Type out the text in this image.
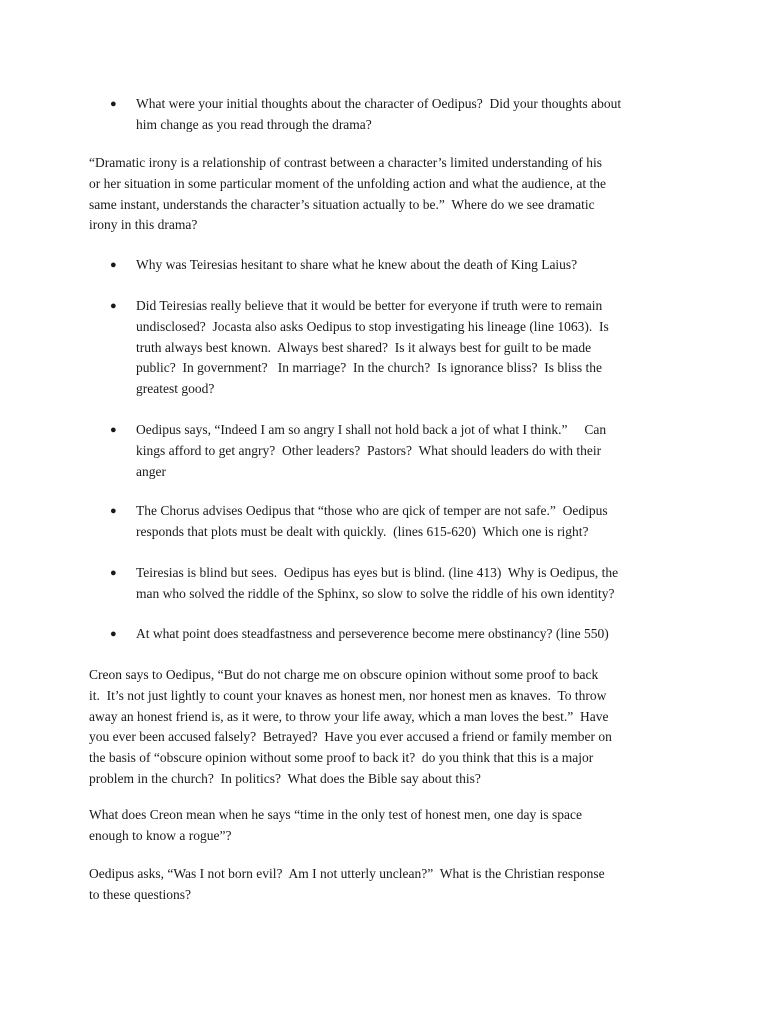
● What were your initial thoughts about the character of Oedipus?  Did your thoughts about
him change as you read through the drama?
“Dramatic irony is a relationship of contrast between a character’s limited understanding of his
or her situation in some particular moment of the unfolding action and what the audience, at the
same instant, understands the character’s situation actually to be.”  Where do we see dramatic
irony in this drama?
● Why was Teiresias hesitant to share what he knew about the death of King Laius?
● Did Teiresias really believe that it would be better for everyone if truth were to remain
undisclosed?  Jocasta also asks Oedipus to stop investigating his lineage (line 1063).  Is
truth always best known.  Always best shared?  Is it always best for guilt to be made
public?  In government?   In marriage?  In the church?  Is ignorance bliss?  Is bliss the
greatest good?
● Oedipus says, “Indeed I am so angry I shall not hold back a jot of what I think.”     Can
kings afford to get angry?  Other leaders?  Pastors?  What should leaders do with their
anger
● The Chorus advises Oedipus that “those who are qick of temper are not safe.”  Oedipus
responds that plots must be dealt with quickly.  (lines 615-620)  Which one is right?
● Teiresias is blind but sees.  Oedipus has eyes but is blind. (line 413)  Why is Oedipus, the
man who solved the riddle of the Sphinx, so slow to solve the riddle of his own identity?
● At what point does steadfastness and perseverence become mere obstinancy? (line 550)
Creon says to Oedipus, “But do not charge me on obscure opinion without some proof to back
it.  It’s not just lightly to count your knaves as honest men, nor honest men as knaves.  To throw
away an honest friend is, as it were, to throw your life away, which a man loves the best.”  Have
you ever been accused falsely?  Betrayed?  Have you ever accused a friend or family member on
the basis of “obscure opinion without some proof to back it?  do you think that this is a major
problem in the church?  In politics?  What does the Bible say about this?
What does Creon mean when he says “time in the only test of honest men, one day is space
enough to know a rogue”?
Oedipus asks, “Was I not born evil?  Am I not utterly unclean?”  What is the Christian response
to these questions?
